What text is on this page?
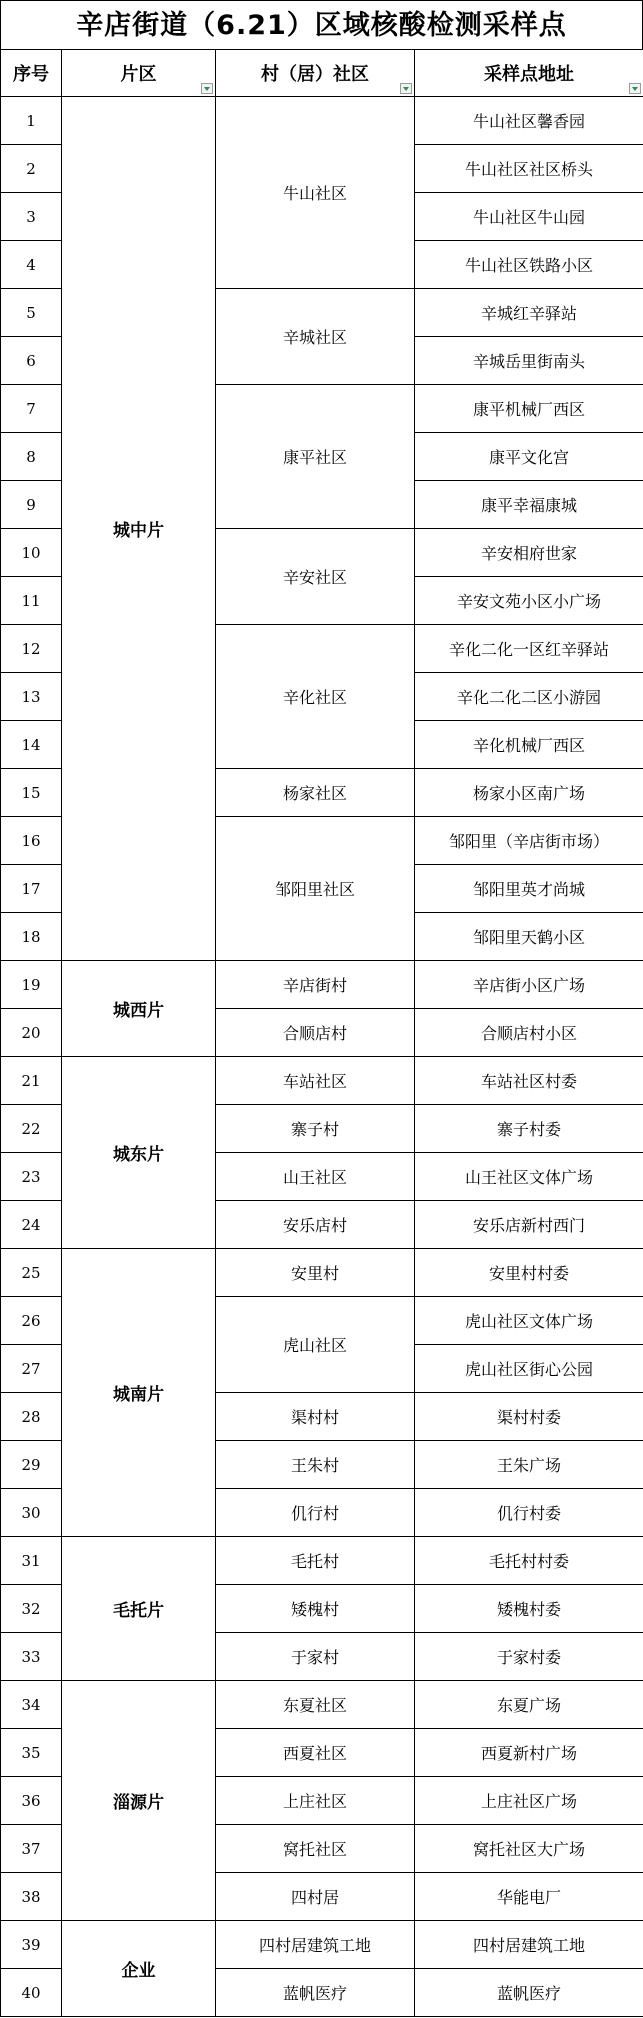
辛店街道（6.21）区域核酸检测采样点
序号	片区	村（居）社区	采样点地址

1	城中片	牛山社区	牛山社区馨香园
2			牛山社区社区桥头
3			牛山社区牛山园
4			牛山社区铁路小区
5		辛城社区	辛城红辛驿站
6			辛城岳里街南头
7		康平社区	康平机械厂西区
8			康平文化宫
9			康平幸福康城
10		辛安社区	辛安相府世家
11			辛安文苑小区小广场
12		辛化社区	辛化二化一区红辛驿站
13			辛化二化二区小游园
14			辛化机械厂西区
15		杨家社区	杨家小区南广场
16		邹阳里社区	邹阳里（辛店街市场）
17			邹阳里英才尚城
18			邹阳里天鹤小区
19	城西片	辛店街村	辛店街小区广场
20		合顺店村	合顺店村小区
21	城东片	车站社区	车站社区村委
22		寨子村	寨子村委
23		山王社区	山王社区文体广场
24		安乐店村	安乐店新村西门
25	城南片	安里村	安里村村委
26		虎山社区	虎山社区文体广场
27			虎山社区街心公园
28		渠村村	渠村村委
29		王朱村	王朱广场
30		仉行村	仉行村委
31	毛托片	毛托村	毛托村村委
32		矮槐村	矮槐村委
33		于家村	于家村委
34	淄源片	东夏社区	东夏广场
35		西夏社区	西夏新村广场
36		上庄社区	上庄社区广场
37		窝托社区	窝托社区大广场
38		四村居	华能电厂
39	企业	四村居建筑工地	四村居建筑工地
40		蓝帆医疗	蓝帆医疗
